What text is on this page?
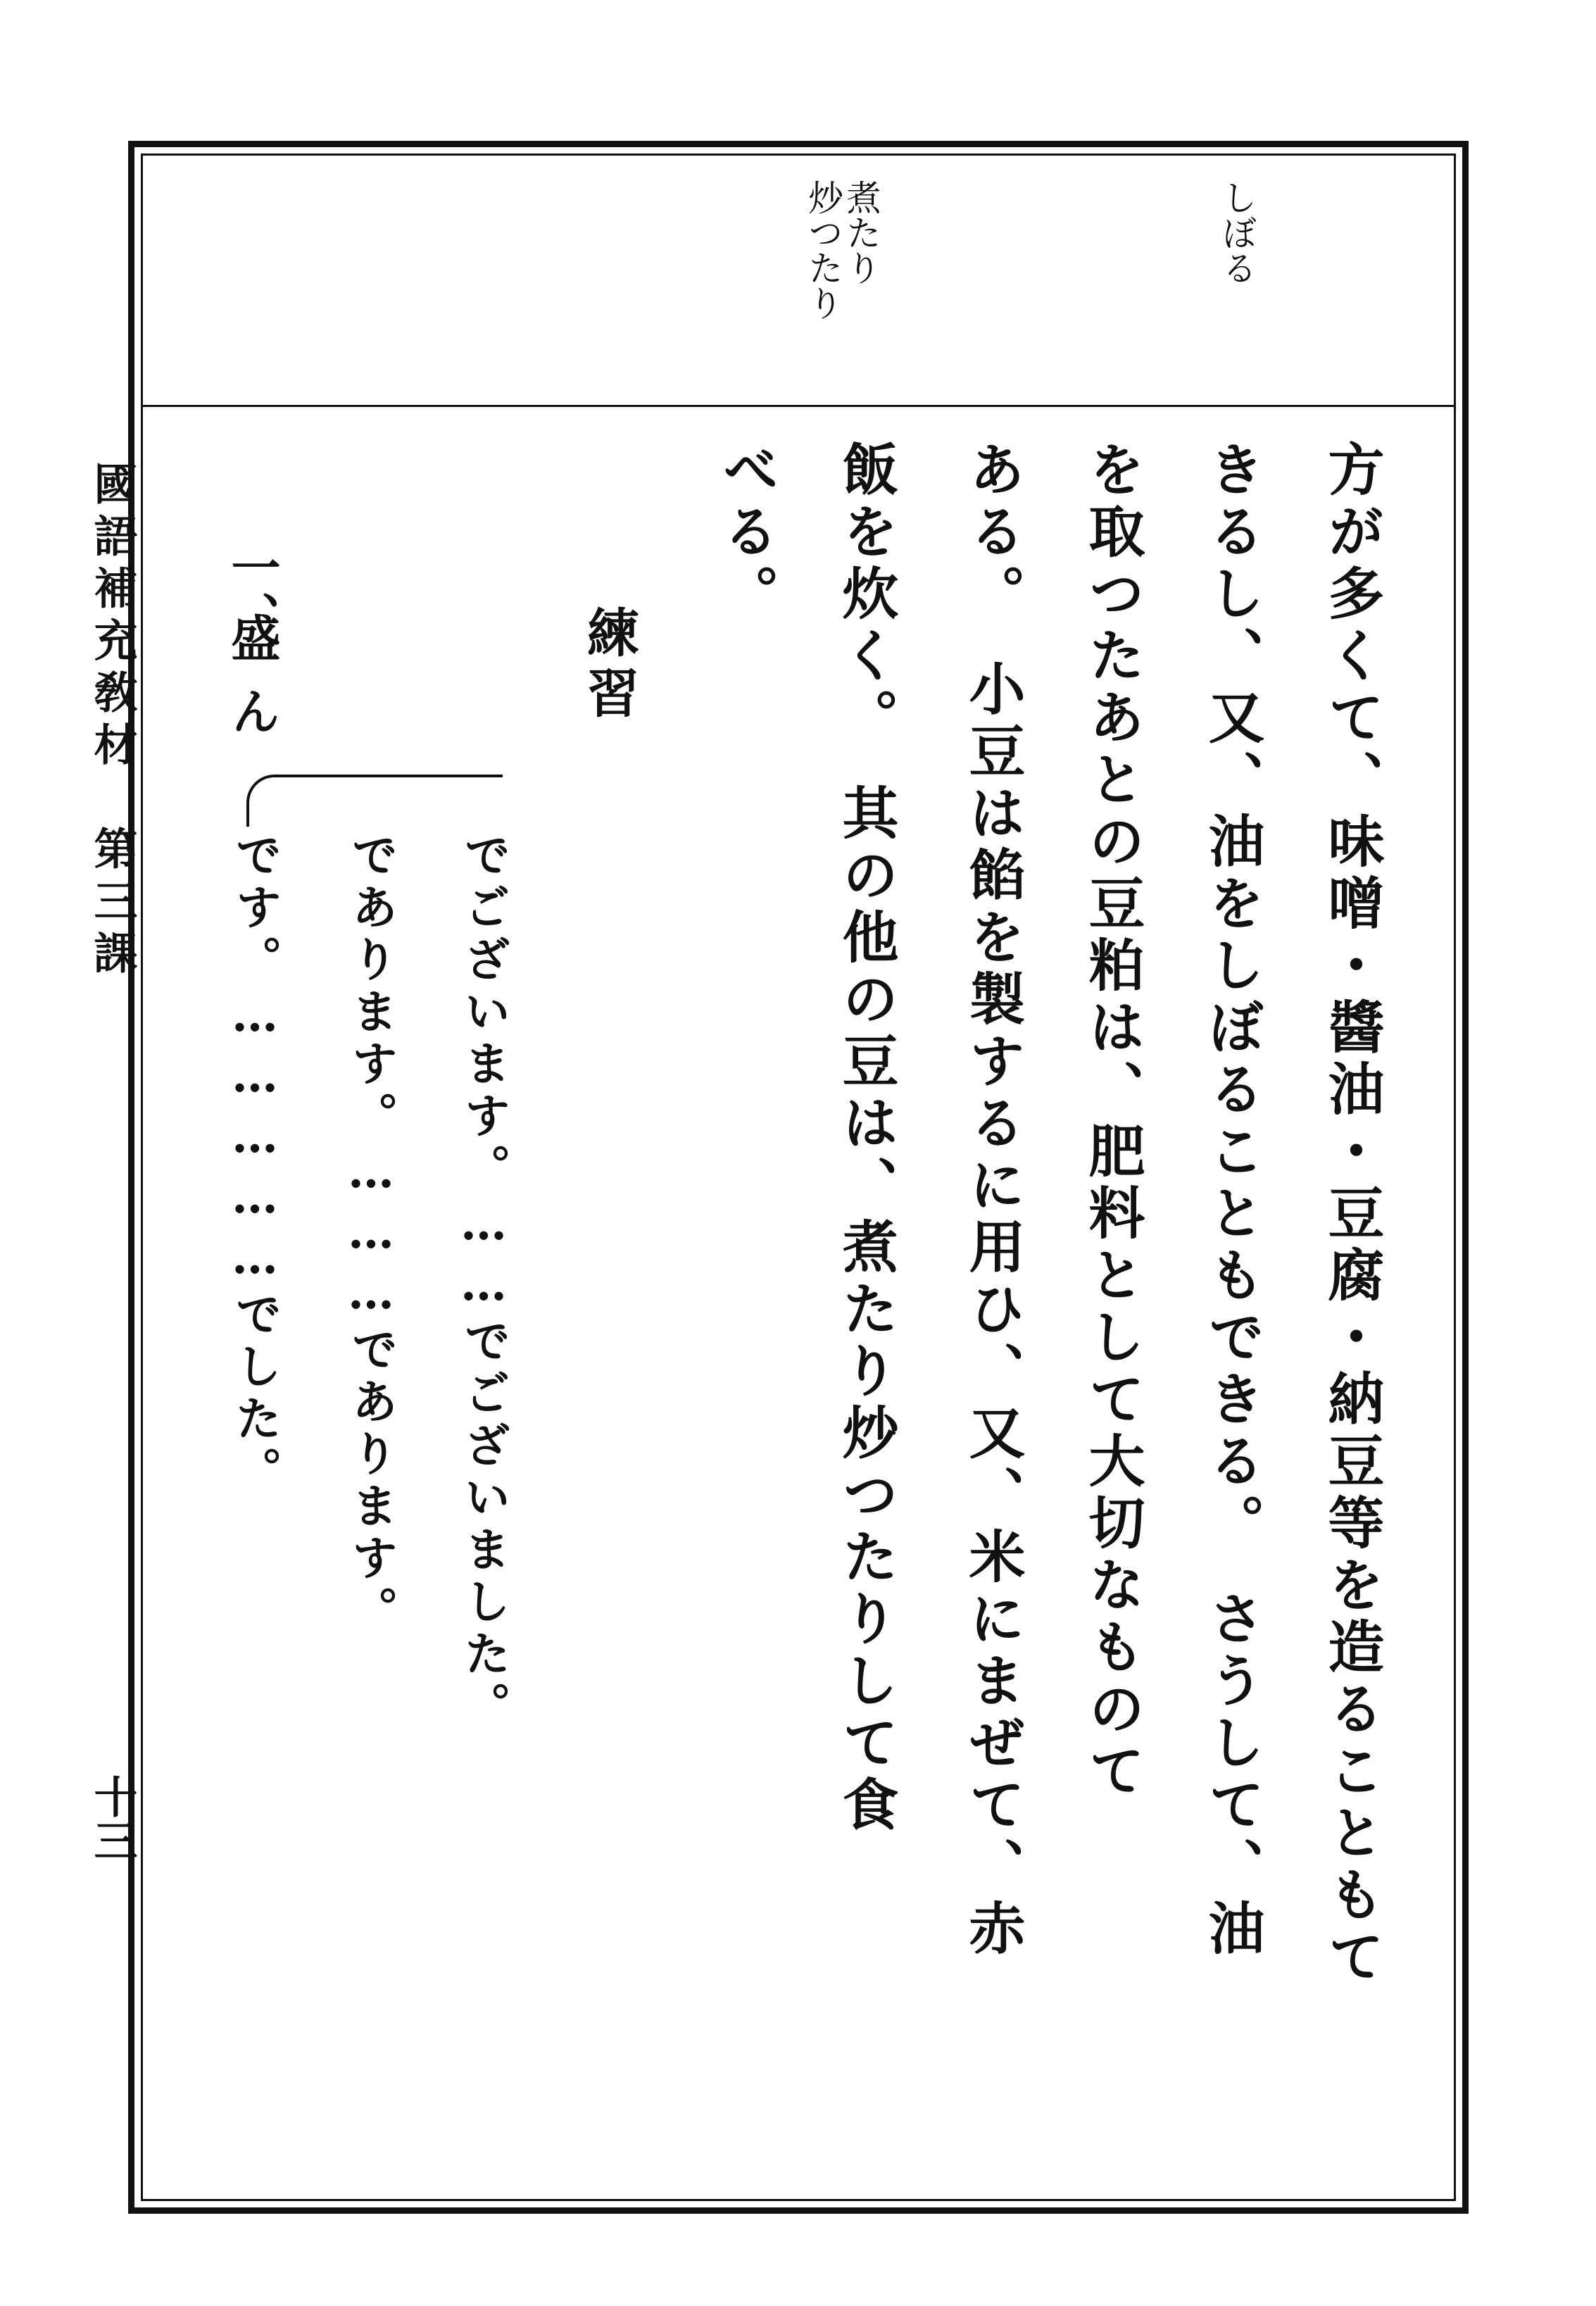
國語補充敎材　第三課
十三
しぼる
煮たり
炒つたり
方が多くて、味噌・醬油・豆腐・納豆等を造ることもて
きるし、又、油をしぼることもできる。　さうして、油
を取つたあとの豆粕は、肥料として大切なものて
ある。　小豆は餡を製するに用ひ、又、米にまぜて、赤
飯を炊く。　其の他の豆は、煮たり炒つたりして食
べる。
練習
一、
盛ん
でございます。……でございました。
であります。………であります。
です。……………でした。
